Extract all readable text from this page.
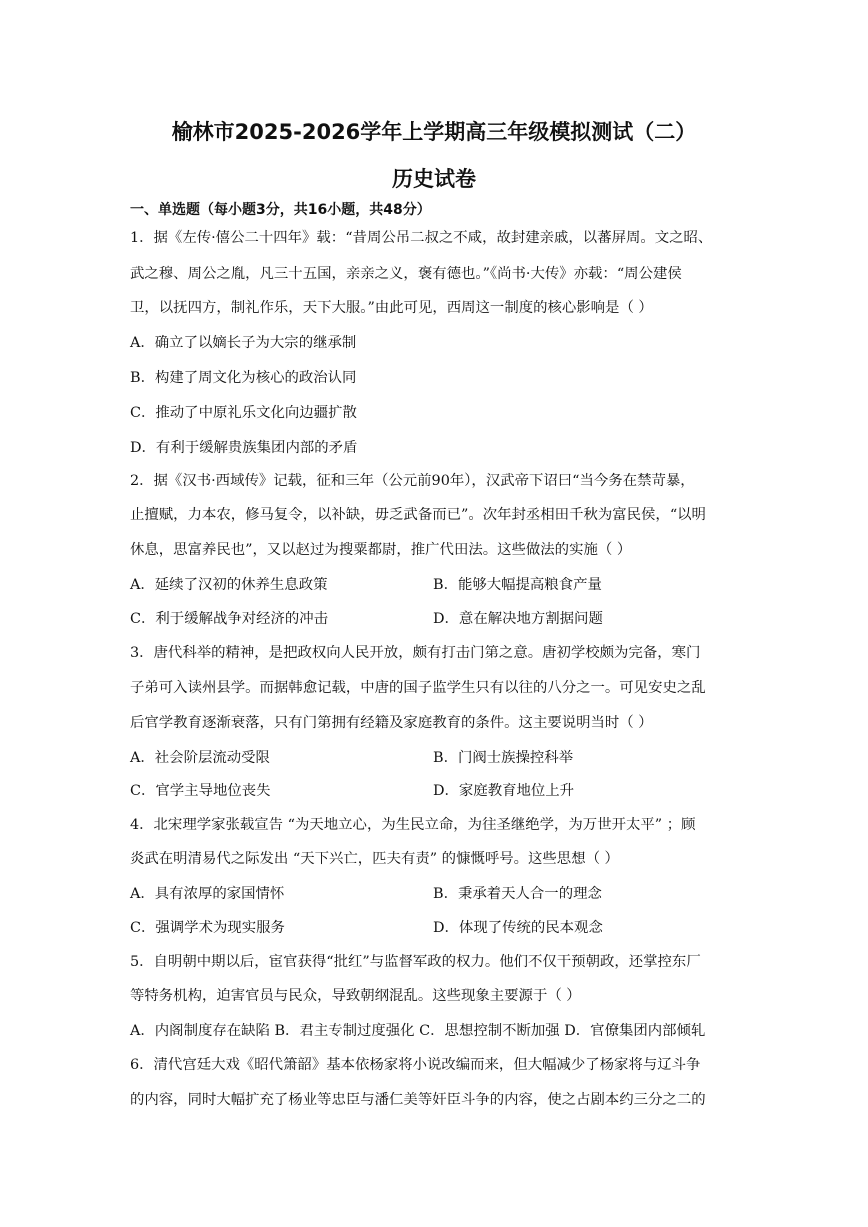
榆林市2025-2026学年上学期高三年级模拟测试（二）
历史试卷
一、单选题（每小题3分，共16小题，共48分）
1．据《左传·僖公二十四年》载：“昔周公吊二叔之不咸，故封建亲戚，以蕃屏周。文之昭、
武之穆、周公之胤，凡三十五国，亲亲之义，褒有德也。”《尚书·大传》亦载：“周公建侯
卫，以抚四方，制礼作乐，天下大服。”由此可见，西周这一制度的核心影响是（ ）
A．确立了以嫡长子为大宗的继承制
B．构建了周文化为核心的政治认同
C．推动了中原礼乐文化向边疆扩散
D．有利于缓解贵族集团内部的矛盾
2．据《汉书·西域传》记载，征和三年（公元前90年），汉武帝下诏曰“当今务在禁苛暴，
止擅赋，力本农，修马复令，以补缺，毋乏武备而已”。次年封丞相田千秋为富民侯，“以明
休息，思富养民也”，又以赵过为搜粟都尉，推广代田法。这些做法的实施（ ）
A．延续了汉初的休养生息政策	B．能够大幅提高粮食产量
C．利于缓解战争对经济的冲击	D．意在解决地方割据问题
3．唐代科举的精神，是把政权向人民开放，颇有打击门第之意。唐初学校颇为完备，寒门
子弟可入读州县学。而据韩愈记载，中唐的国子监学生只有以往的八分之一。可见安史之乱
后官学教育逐渐衰落，只有门第拥有经籍及家庭教育的条件。这主要说明当时（ ）
A．社会阶层流动受限	B．门阀士族操控科举
C．官学主导地位丧失	D．家庭教育地位上升
4．北宋理学家张载宣告 “为天地立心，为生民立命，为往圣继绝学，为万世开太平” ；顾
炎武在明清易代之际发出 “天下兴亡，匹夫有责” 的慷慨呼号。这些思想（ ）
A．具有浓厚的家国情怀	B．秉承着天人合一的理念
C．强调学术为现实服务	D．体现了传统的民本观念
5．自明朝中期以后，宦官获得“批红”与监督军政的权力。他们不仅干预朝政，还掌控东厂
等特务机构，迫害官员与民众，导致朝纲混乱。这些现象主要源于（ ）
A．内阁制度存在缺陷 B．君主专制过度强化 C．思想控制不断加强 D．官僚集团内部倾轧
6．清代宫廷大戏《昭代箫韶》基本依杨家将小说改编而来，但大幅减少了杨家将与辽斗争
的内容，同时大幅扩充了杨业等忠臣与潘仁美等奸臣斗争的内容，使之占剧本约三分之二的
